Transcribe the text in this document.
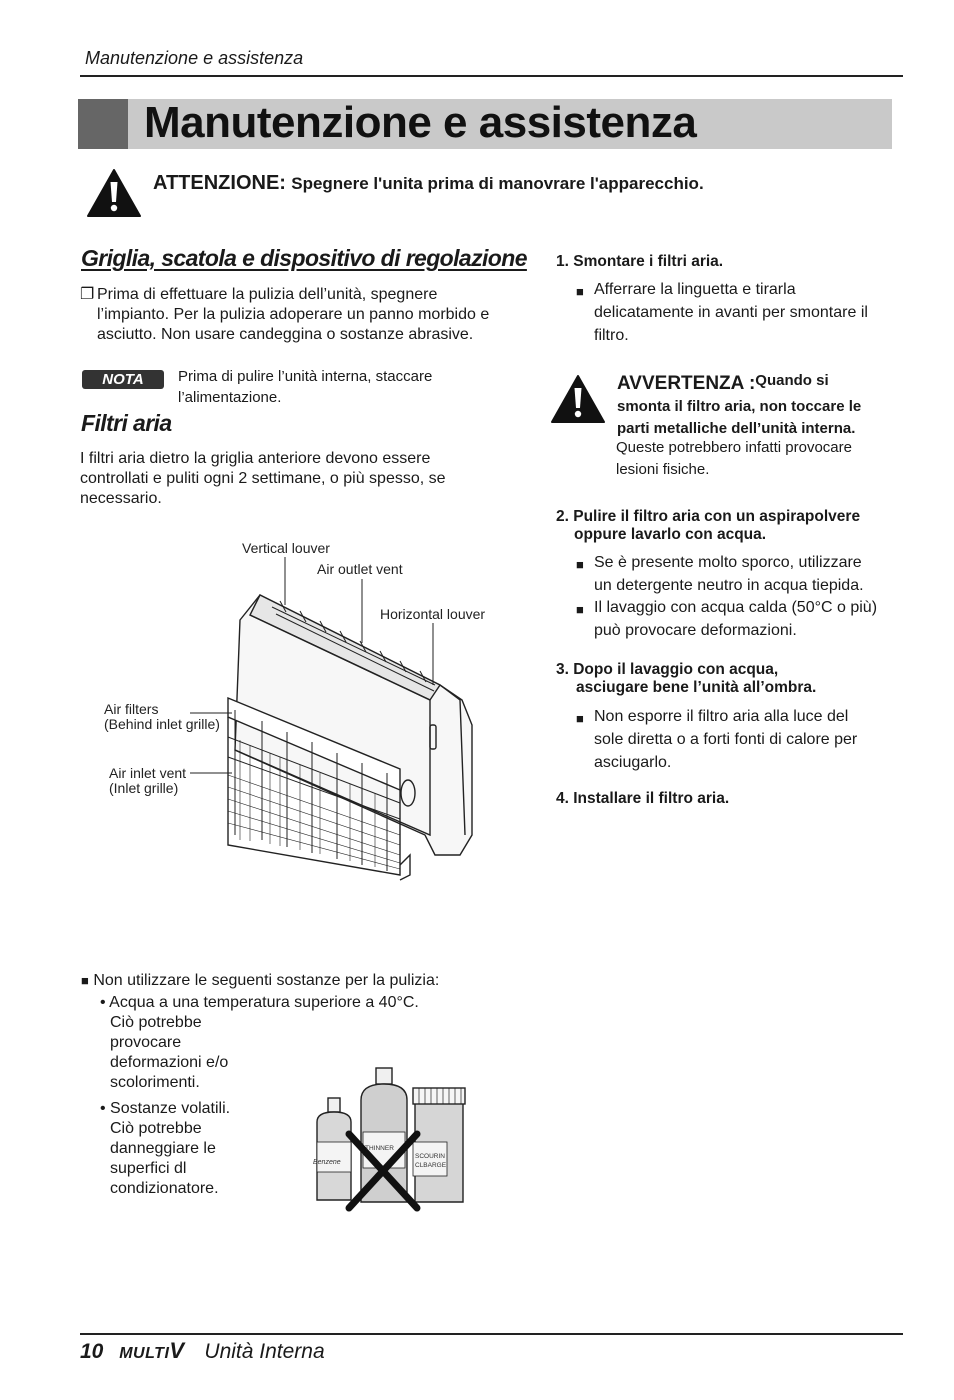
Manutenzione e assistenza
Manutenzione e assistenza
ATTENZIONE: Spegnere l'unita prima di manovrare l'apparecchio.
Griglia, scatola e dispositivo di regolazione
❐ Prima di effettuare la pulizia dell’unità, spegnere
l’impianto. Per la pulizia adoperare un panno morbido e
asciutto. Non usare candeggina o sostanze abrasive.
NOTA	Prima di pulire l’unità interna, staccare
l’alimentazione.
Filtri aria
I filtri aria dietro la griglia anteriore devono essere
controllati e puliti ogni 2 settimane, o più spesso, se
necessario.
Vertical louver
Air outlet vent
Horizontal louver
Air filters
(Behind inlet grille)
Air inlet vent
(Inlet grille)
■ Non utilizzare le seguenti sostanze per la pulizia:
• Acqua a una temperatura superiore a 40°C.
Ciò potrebbe
provocare
deformazioni e/o
scolorimenti.
• Sostanze volatili.
Ciò potrebbe
danneggiare le
superfici dl
condizionatore.
Benzene
THINNER
SCOURIN
CLBARGE
1. Smontare i filtri aria.
■ Afferrare la linguetta e tirarla
delicatamente in avanti per smontare il
filtro.
AVVERTENZA :Quando si
smonta il filtro aria, non toccare le
parti metalliche dell’unità interna.
Queste potrebbero infatti provocare
lesioni fisiche.
2. Pulire il filtro aria con un aspirapolvere
oppure lavarlo con acqua.
■ Se è presente molto sporco, utilizzare
un detergente neutro in acqua tiepida.
■ Il lavaggio con acqua calda (50°C o più)
può provocare deformazioni.
3. Dopo il lavaggio con acqua,
asciugare bene l’unità all’ombra.
■ Non esporre il filtro aria alla luce del
sole diretta o a forti fonti di calore per
asciugarlo.
4. Installare il filtro aria.
10 MULTIV Unità Interna
